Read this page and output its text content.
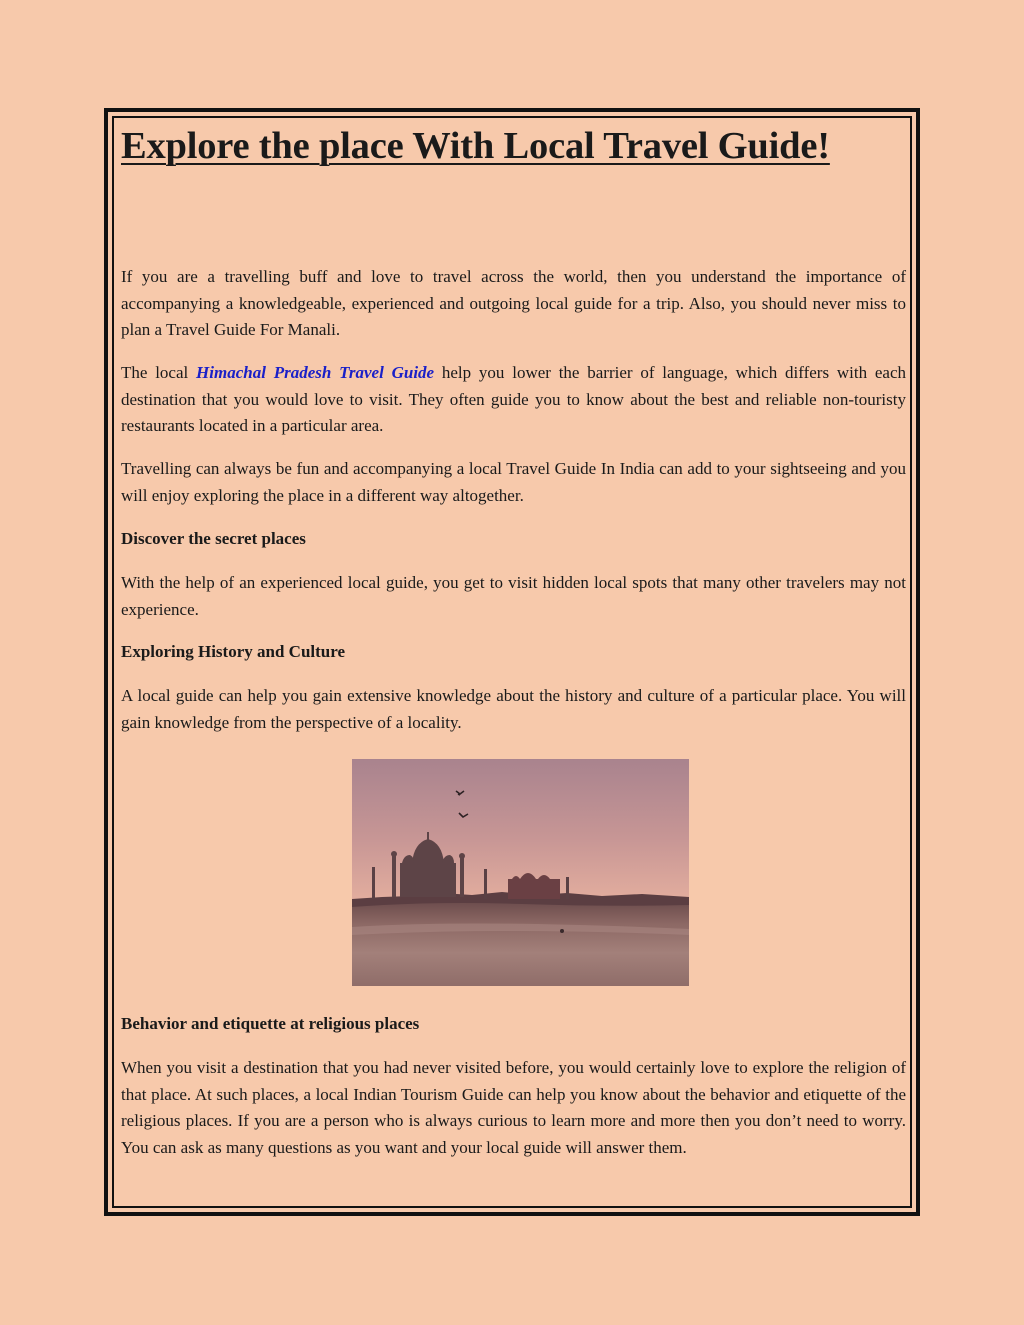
Explore the place With Local Travel Guide!

If you are a travelling buff and love to travel across the world, then you understand the importance of accompanying a knowledgeable, experienced and outgoing local guide for a trip. Also, you should never miss to plan a Travel Guide For Manali.

The local Himachal Pradesh Travel Guide help you lower the barrier of language, which differs with each destination that you would love to visit. They often guide you to know about the best and reliable non-touristy restaurants located in a particular area.

Travelling can always be fun and accompanying a local Travel Guide In India can add to your sightseeing and you will enjoy exploring the place in a different way altogether.

Discover the secret places

With the help of an experienced local guide, you get to visit hidden local spots that many other travelers may not experience.

Exploring History and Culture

A local guide can help you gain extensive knowledge about the history and culture of a particular place. You will gain knowledge from the perspective of a locality.

Behavior and etiquette at religious places

When you visit a destination that you had never visited before, you would certainly love to explore the religion of that place. At such places, a local Indian Tourism Guide can help you know about the behavior and etiquette of the religious places. If you are a person who is always curious to learn more and more then you don’t need to worry. You can ask as many questions as you want and your local guide will answer them.
